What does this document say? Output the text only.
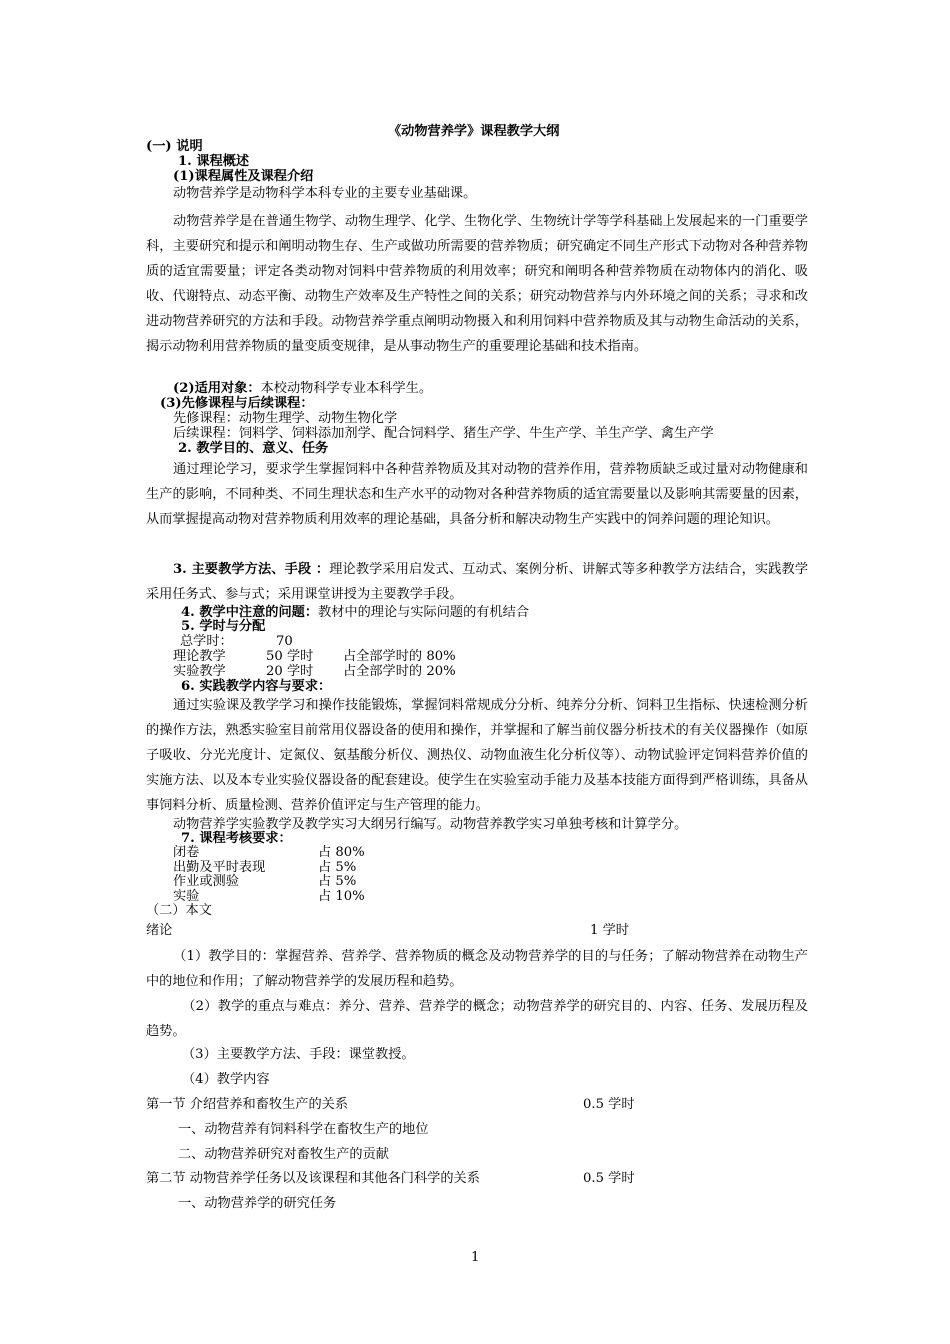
《动物营养学》课程教学大纲
(一) 说明
1. 课程概述
(1)课程属性及课程介绍
动物营养学是动物科学本科专业的主要专业基础课。
动物营养学是在普通生物学、动物生理学、化学、生物化学、生物统计学等学科基础上发展起来的一门重要学科，主要研究和提示和阐明动物生存、生产或做功所需要的营养物质；研究确定不同生产形式下动物对各种营养物质的适宜需要量；评定各类动物对饲料中营养物质的利用效率；研究和阐明各种营养物质在动物体内的消化、吸收、代谢特点、动态平衡、动物生产效率及生产特性之间的关系；研究动物营养与内外环境之间的关系；寻求和改进动物营养研究的方法和手段。动物营养学重点阐明动物摄入和利用饲料中营养物质及其与动物生命活动的关系，揭示动物利用营养物质的量变质变规律，是从事动物生产的重要理论基础和技术指南。
(2)适用对象：本校动物科学专业本科学生。
(3)先修课程与后续课程：
先修课程：动物生理学、动物生物化学
后续课程：饲料学、饲料添加剂学、配合饲料学、猪生产学、牛生产学、羊生产学、禽生产学
2. 教学目的、意义、任务
通过理论学习，要求学生掌握饲料中各种营养物质及其对动物的营养作用，营养物质缺乏或过量对动物健康和生产的影响，不同种类、不同生理状态和生产水平的动物对各种营养物质的适宜需要量以及影响其需要量的因素，从而掌握提高动物对营养物质利用效率的理论基础，具备分析和解决动物生产实践中的饲养问题的理论知识。
3. 主要教学方法、手段 ：理论教学采用启发式、互动式、案例分析、讲解式等多种教学方法结合，实践教学采用任务式、参与式；采用课堂讲授为主要教学手段。
4. 教学中注意的问题：教材中的理论与实际问题的有机结合
5. 学时与分配
总学时：	70
理论教学	50 学时 占全部学时的 80%
实验教学	20 学时 占全部学时的 20%
6. 实践教学内容与要求：
通过实验课及教学学习和操作技能锻炼，掌握饲料常规成分分析、纯养分分析、饲料卫生指标、快速检测分析的操作方法，熟悉实验室目前常用仪器设备的使用和操作，并掌握和了解当前仪器分析技术的有关仪器操作（如原子吸收、分光光度计、定氮仪、氨基酸分析仪、测热仪、动物血液生化分析仪等）、动物试验评定饲料营养价值的实施方法、以及本专业实验仪器设备的配套建设。使学生在实验室动手能力及基本技能方面得到严格训练，具备从事饲料分析、质量检测、营养价值评定与生产管理的能力。
动物营养学实验教学及教学实习大纲另行编写。动物营养教学实习单独考核和计算学分。
7. 课程考核要求：
闭卷	占 80%
出勤及平时表现	占 5%
作业或测验	占 5%
实验	占 10%
（二）本文
绪论	1 学时
（1）教学目的：掌握营养、营养学、营养物质的概念及动物营养学的目的与任务；了解动物营养在动物生产中的地位和作用；了解动物营养学的发展历程和趋势。
（2）教学的重点与难点：养分、营养、营养学的概念；动物营养学的研究目的、内容、任务、发展历程及趋势。
（3）主要教学方法、手段：课堂教授。
（4）教学内容
第一节 介绍营养和畜牧生产的关系	0.5 学时
一、动物营养有饲料科学在畜牧生产的地位
二、动物营养研究对畜牧生产的贡献
第二节 动物营养学任务以及该课程和其他各门科学的关系	0.5 学时
一、动物营养学的研究任务
1
